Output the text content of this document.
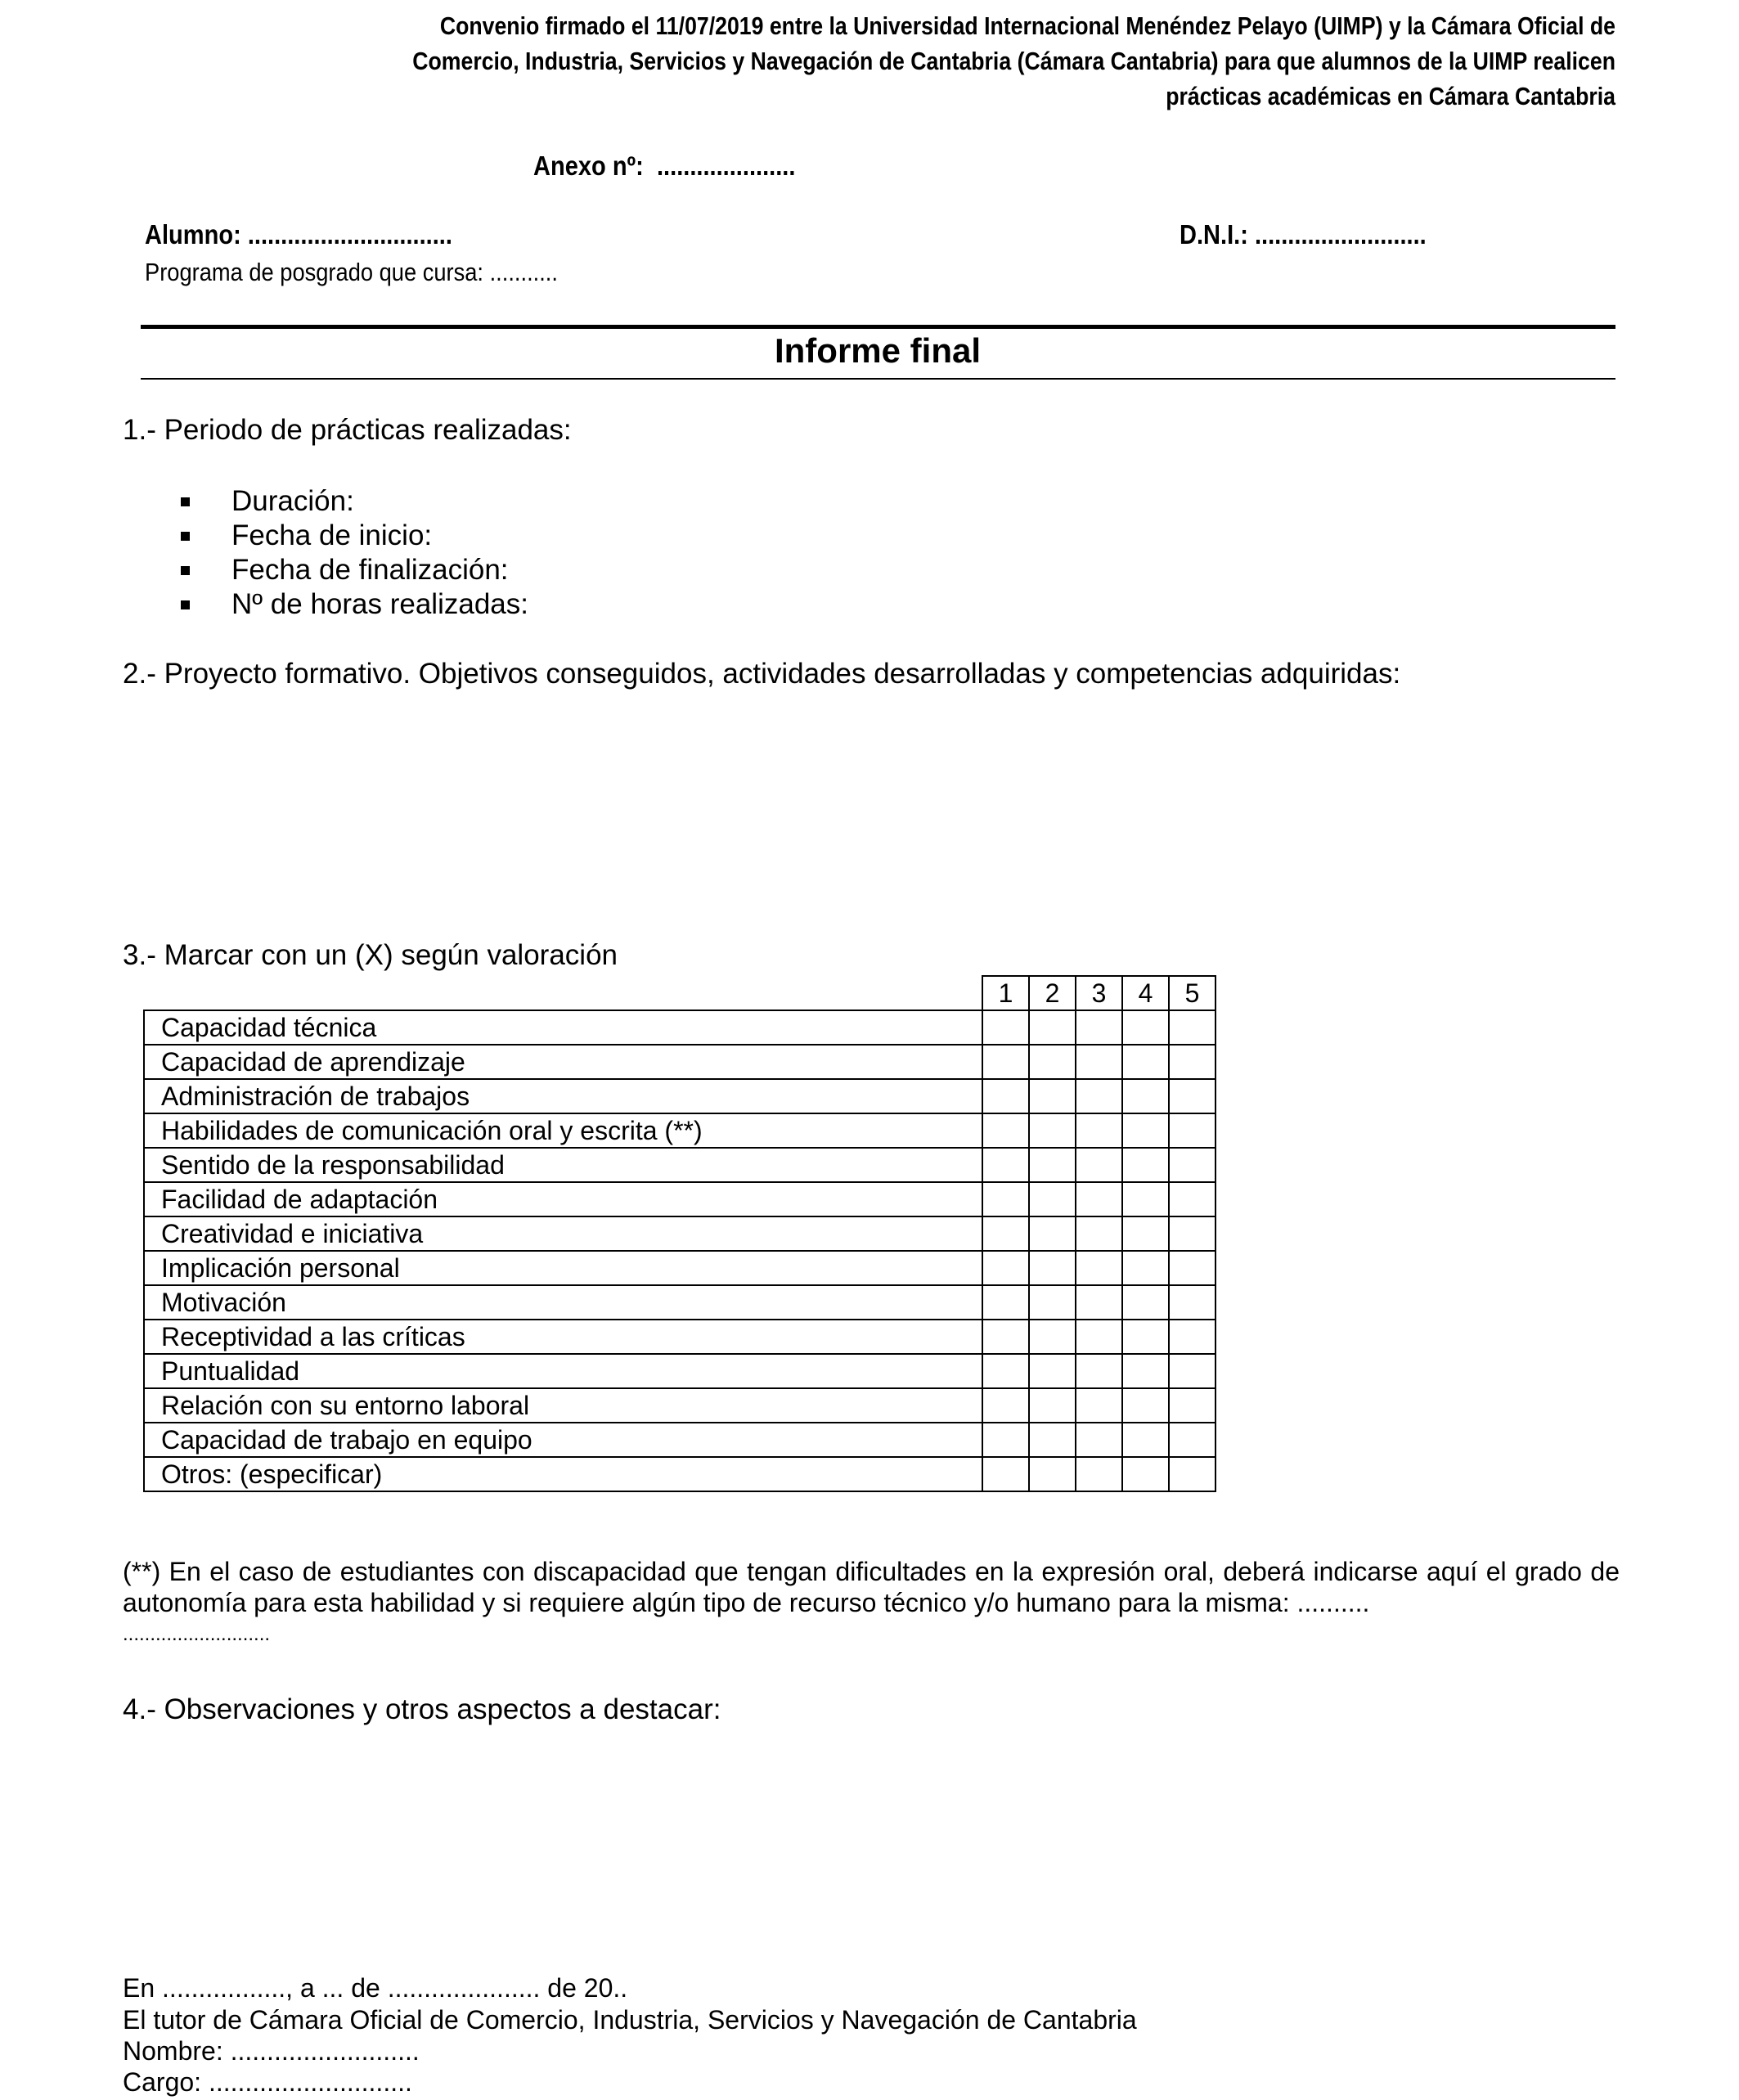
Convenio firmado el 11/07/2019 entre la Universidad Internacional Menéndez Pelayo (UIMP) y la Cámara Oficial de
Comercio, Industria, Servicios y Navegación de Cantabria (Cámara Cantabria) para que alumnos de la UIMP realicen
prácticas académicas en Cámara Cantabria
Anexo nº: .....................
Alumno: ...............................	D.N.I.: ..........................
Programa de posgrado que cursa: ...........
Informe final
1.- Periodo de prácticas realizadas:
Duración:
Fecha de inicio:
Fecha de finalización:
Nº de horas realizadas:
2.- Proyecto formativo. Objetivos conseguidos, actividades desarrolladas y competencias adquiridas:
3.- Marcar con un (X) según valoración
	1	2	3	4	5
Capacidad técnica					
Capacidad de aprendizaje					
Administración de trabajos					
Habilidades de comunicación oral y escrita (**)					
Sentido de la responsabilidad					
Facilidad de adaptación					
Creatividad e iniciativa					
Implicación personal					
Motivación					
Receptividad a las críticas					
Puntualidad					
Relación con su entorno laboral					
Capacidad de trabajo en equipo					
Otros: (especificar)					
(**) En el caso de estudiantes con discapacidad que tengan dificultades en la expresión oral, deberá indicarse aquí el grado de autonomía para esta habilidad y si requiere algún tipo de recurso técnico y/o humano para la misma: ..........
...........................
4.- Observaciones y otros aspectos a destacar:
En ................., a ... de ..................... de 20..
El tutor de Cámara Oficial de Comercio, Industria, Servicios y Navegación de Cantabria
Nombre: ..........................
Cargo: ............................
